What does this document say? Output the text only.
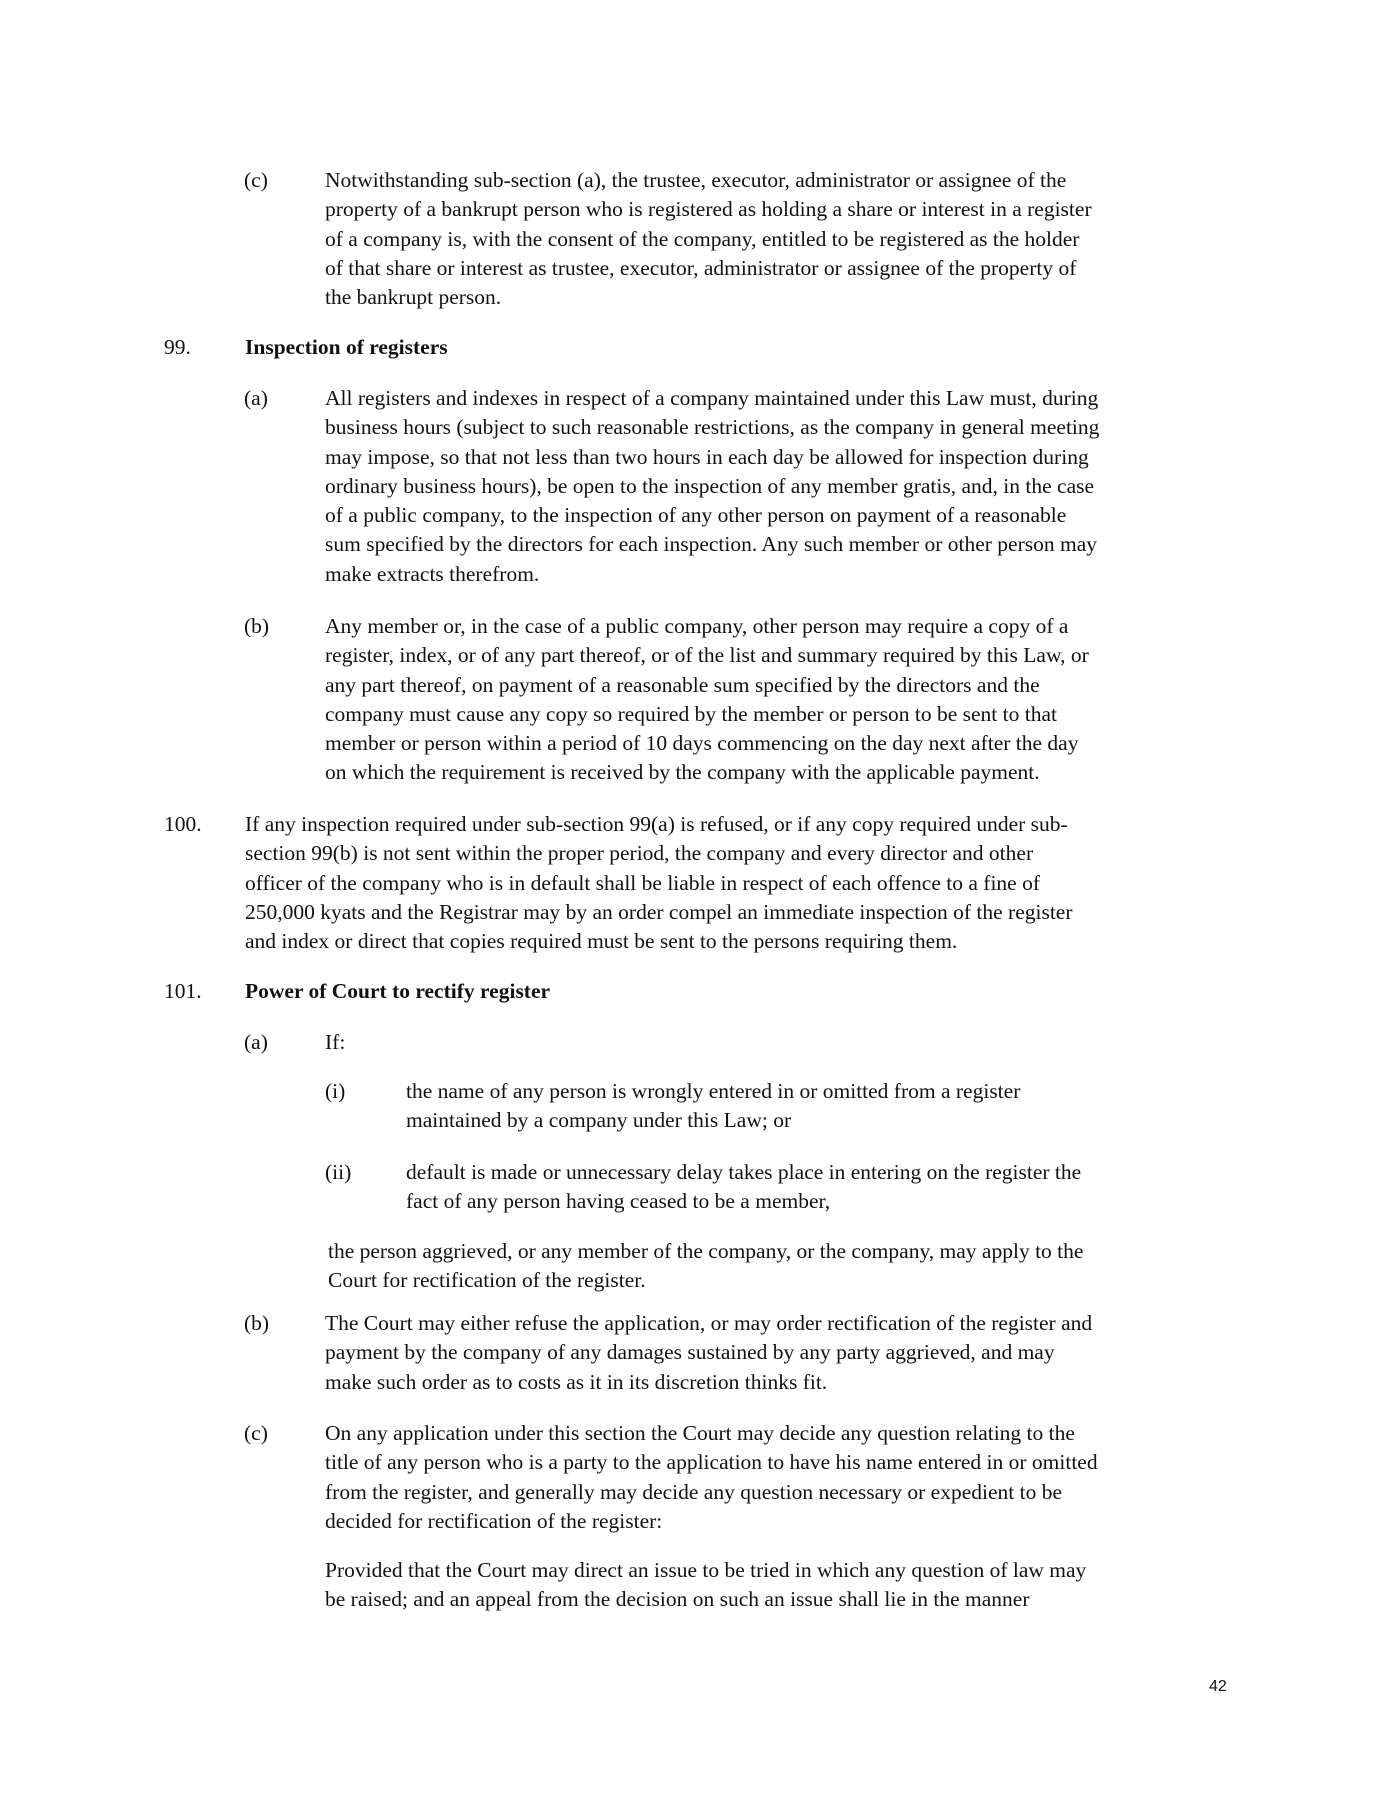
(c)	Notwithstanding sub-section (a), the trustee, executor, administrator or assignee of the
property of a bankrupt person who is registered as holding a share or interest in a register
of a company is, with the consent of the company, entitled to be registered as the holder
of that share or interest as trustee, executor, administrator or assignee of the property of
the bankrupt person.
99.	Inspection of registers
(a)	All registers and indexes in respect of a company maintained under this Law must, during
business hours (subject to such reasonable restrictions, as the company in general meeting
may impose, so that not less than two hours in each day be allowed for inspection during
ordinary business hours), be open to the inspection of any member gratis, and, in the case
of a public company, to the inspection of any other person on payment of a reasonable
sum specified by the directors for each inspection. Any such member or other person may
make extracts therefrom.
(b)	Any member or, in the case of a public company, other person may require a copy of a
register, index, or of any part thereof, or of the list and summary required by this Law, or
any part thereof, on payment of a reasonable sum specified by the directors and the
company must cause any copy so required by the member or person to be sent to that
member or person within a period of 10 days commencing on the day next after the day
on which the requirement is received by the company with the applicable payment.
100. If any inspection required under sub-section 99(a) is refused, or if any copy required under sub-
section 99(b) is not sent within the proper period, the company and every director and other
officer of the company who is in default shall be liable in respect of each offence to a fine of
250,000 kyats and the Registrar may by an order compel an immediate inspection of the register
and index or direct that copies required must be sent to the persons requiring them.
101. Power of Court to rectify register
(a)	If:
(i)	the name of any person is wrongly entered in or omitted from a register
maintained by a company under this Law; or
(ii)	default is made or unnecessary delay takes place in entering on the register the
fact of any person having ceased to be a member,
the person aggrieved, or any member of the company, or the company, may apply to the
Court for rectification of the register.
(b)	The Court may either refuse the application, or may order rectification of the register and
payment by the company of any damages sustained by any party aggrieved, and may
make such order as to costs as it in its discretion thinks fit.
(c)	On any application under this section the Court may decide any question relating to the
title of any person who is a party to the application to have his name entered in or omitted
from the register, and generally may decide any question necessary or expedient to be
decided for rectification of the register:
Provided that the Court may direct an issue to be tried in which any question of law may
be raised; and an appeal from the decision on such an issue shall lie in the manner
42
